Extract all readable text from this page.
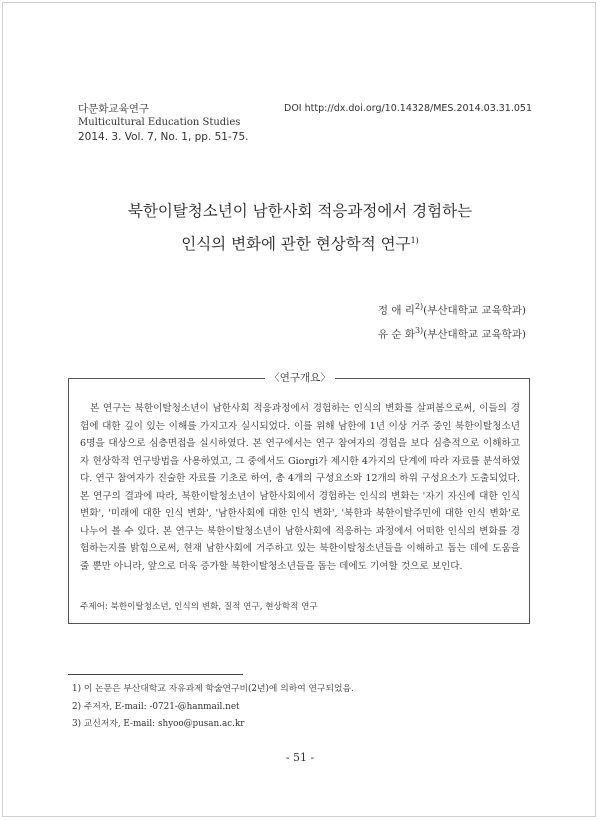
다문화교육연구
Multicultural Education Studies
2014. 3. Vol. 7, No. 1, pp. 51-75.
DOI http://dx.doi.org/10.14328/MES.2014.03.31.051
북한이탈청소년이 남한사회 적응과정에서 경험하는
인식의 변화에 관한 현상학적 연구$^{1)}$
정 애 리$^{2)}$(부산대학교 교육학과)
유 순 화$^{3)}$(부산대학교 교육학과)
〈연구개요〉

본 연구는 북한이탈청소년이 남한사회 적응과정에서 경험하는 인식의 변화를 살펴봄으로써, 이들의 경험에 대한 깊이 있는 이해를 가지고자 실시되었다. 이를 위해 남한에 1년 이상 거주 중인 북한이탈청소년 6명을 대상으로 심층면접을 실시하였다. 본 연구에서는 연구 참여자의 경험을 보다 심층적으로 이해하고자 현상학적 연구방법을 사용하였고, 그 중에서도 Giorgi가 제시한 4가지의 단계에 따라 자료를 분석하였다. 연구 참여자가 진술한 자료를 기초로 하여, 총 4개의 구성요소와 12개의 하위 구성요소가 도출되었다. 본 연구의 결과에 따라, 북한이탈청소년이 남한사회에서 경험하는 인식의 변화는 '자기 자신에 대한 인식 변화', '미래에 대한 인식 변화', '남한사회에 대한 인식 변화', '북한과 북한이탈주민에 대한 인식 변화'로 나누어 볼 수 있다. 본 연구는 북한이탈청소년이 남한사회에 적응하는 과정에서 어떠한 인식의 변화를 경험하는지를 밝힘으로써, 현재 남한사회에 거주하고 있는 북한이탈청소년들을 이해하고 돕는 데에 도움을 줄 뿐만 아니라, 앞으로 더욱 증가할 북한이탈청소년들을 돕는 데에도 기여할 것으로 보인다.

주제어: 북한이탈청소년, 인식의 변화, 질적 연구, 현상학적 연구
1) 이 논문은 부산대학교 자유과제 학술연구비(2년)에 의하여 연구되었음.
2) 주저자, E-mail: -0721-@hanmail.net
3) 교신저자, E-mail: shyoo@pusan.ac.kr
- 51 -
